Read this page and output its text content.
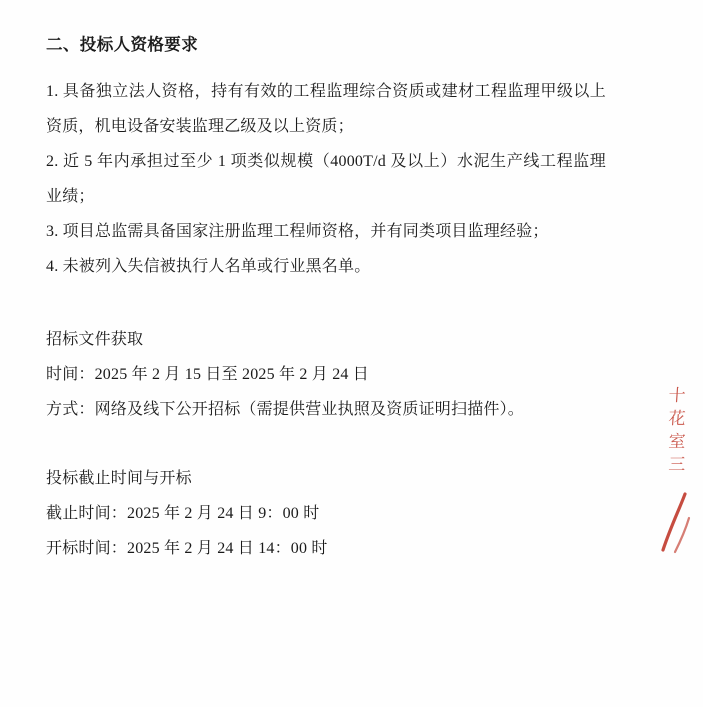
二、投标人资格要求

1. 具备独立法人资格，持有有效的工程监理综合资质或建材工程监理甲级以上资质，机电设备安装监理乙级及以上资质；

2. 近 5 年内承担过至少 1 项类似规模（4000T/d 及以上）水泥生产线工程监理业绩；

3. 项目总监需具备国家注册监理工程师资格，并有同类项目监理经验；

4. 未被列入失信被执行人名单或行业黑名单。

招标文件获取

时间：2025 年 2 月 15 日至 2025 年 2 月 24 日

方式：网络及线下公开招标（需提供营业执照及资质证明扫描件）。

投标截止时间与开标

截止时间：2025 年 2 月 24 日 9：00 时

开标时间：2025 年 2 月 24 日 14：00 时

十
花
室
三
